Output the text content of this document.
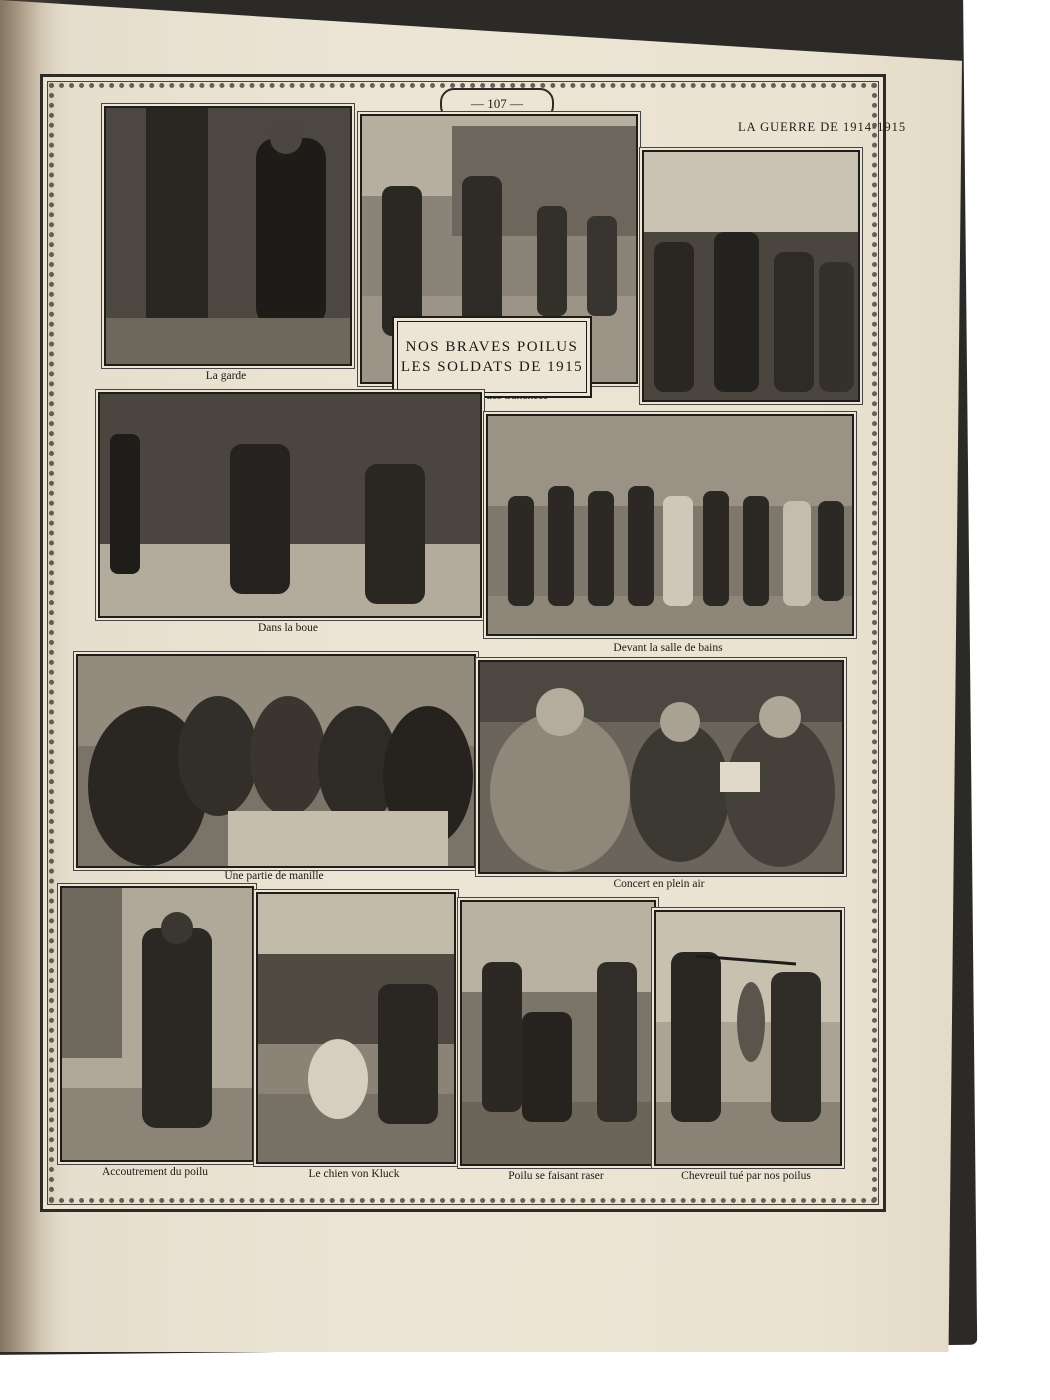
— 107 —
LA GUERRE DE 1914-1915
La garde
NOS BRAVES POILUS
LES SOLDATS DE 1915
Dans la boue
Devant la salle de bains
Une partie de manille
Concert en plein air
Accoutrement du poilu	Le chien von Kluck	Poilu se faisant raser	Chevreuil tué par nos poilus
